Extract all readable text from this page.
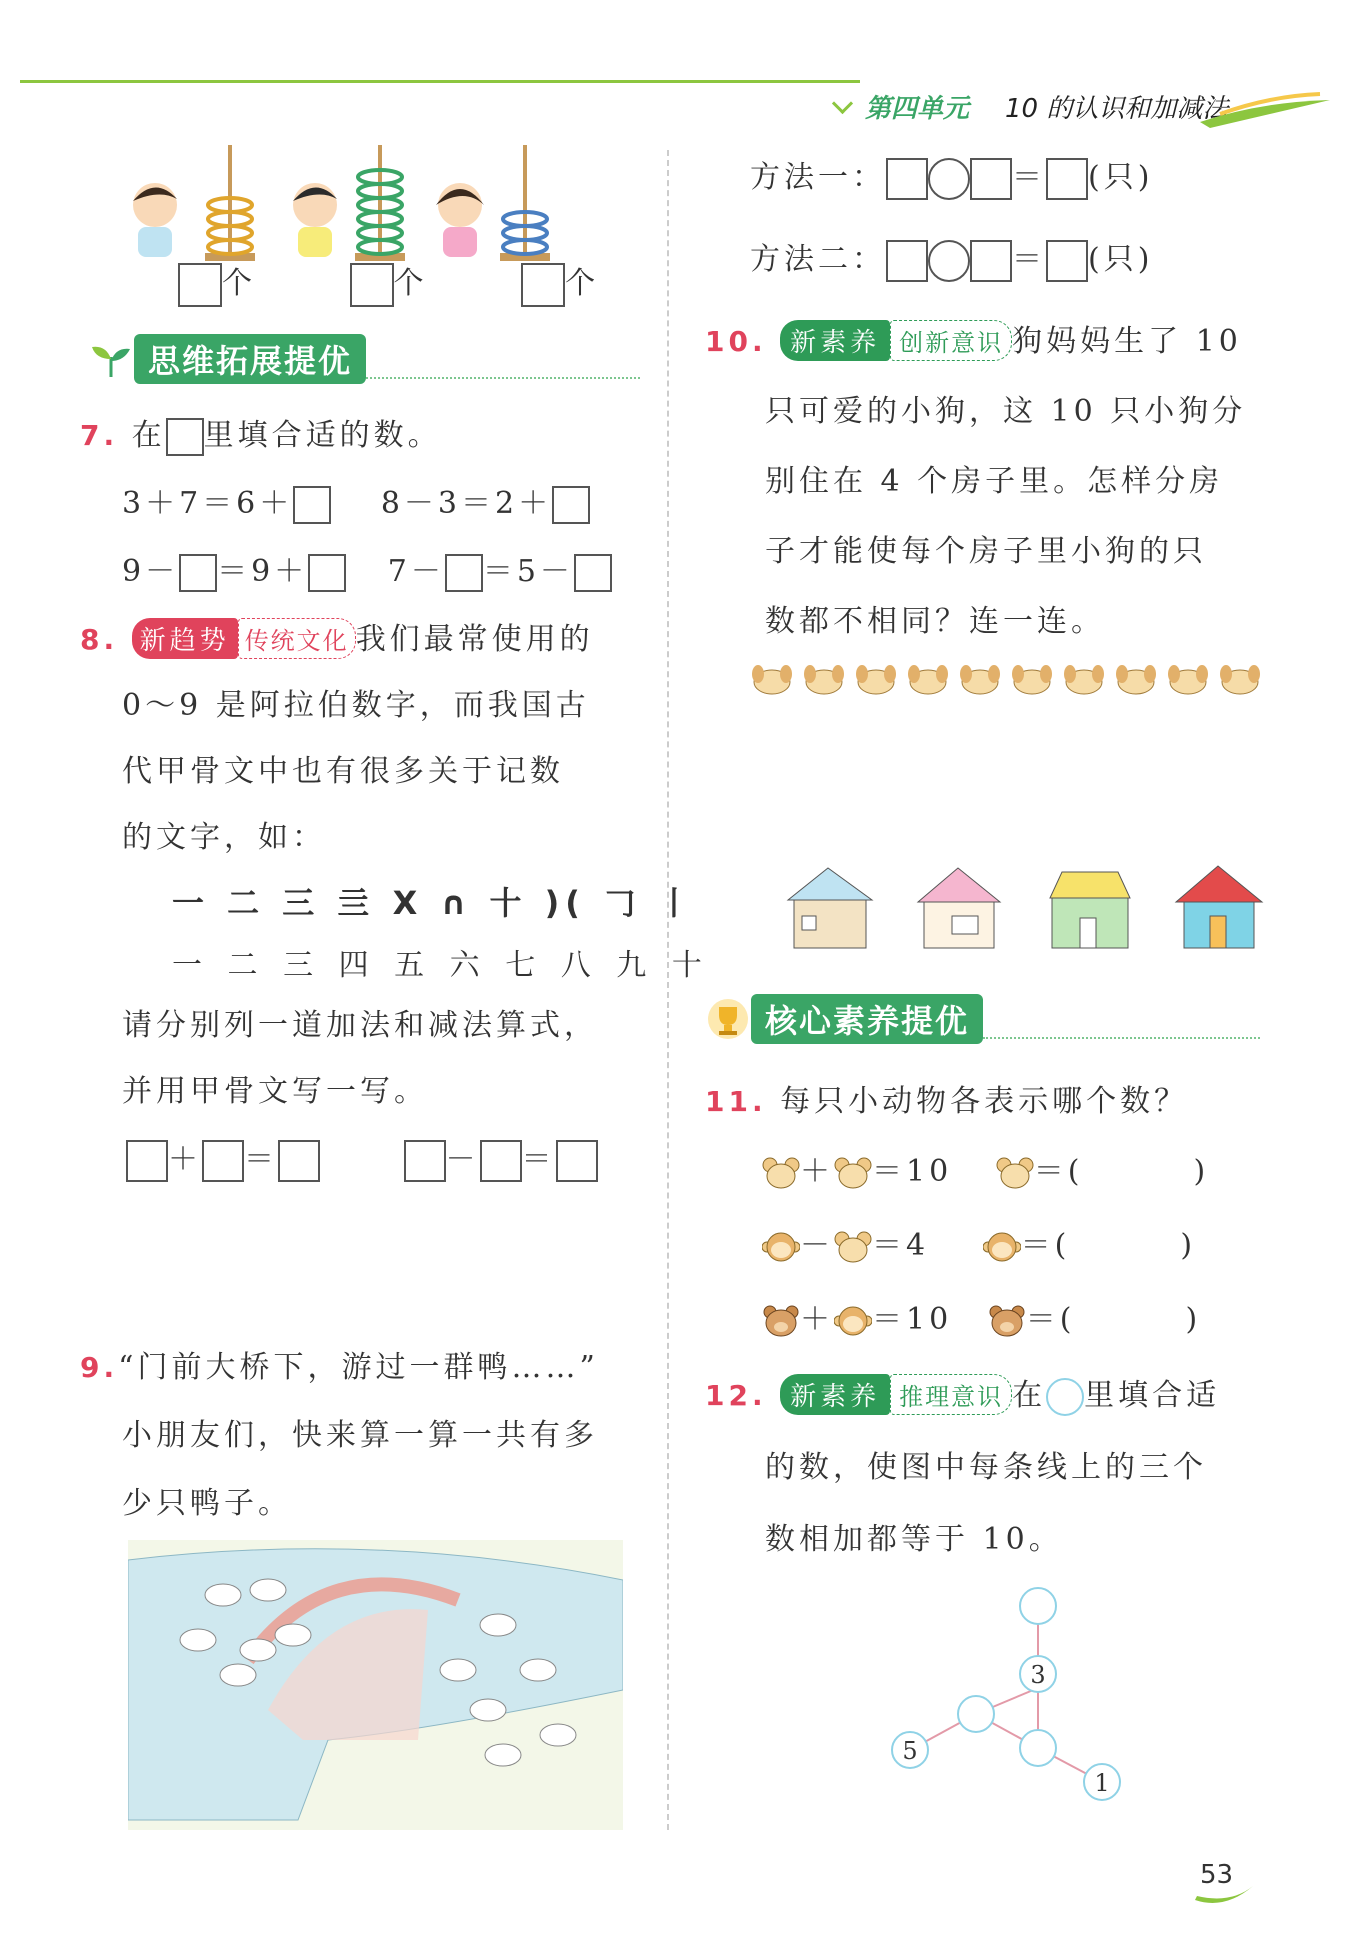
第四单元 10 的认识和加减法
个	个	个
思维拓展提优
7. 在 里填合适的数。
3＋7＝6＋	8－3＝2＋
9－ ＝9＋	7－ ＝5－
8. 新趋势 传统文化 我们最常使用的
0～9 是阿拉伯数字，而我国古
代甲骨文中也有很多关于记数
的文字，如：
一 二 三 亖 X ∩ 十 )( 𠃌 丨
一 二 三 四 五 六 七 八 九 十
请分别列一道加法和减法算式，
并用甲骨文写一写。
＋ ＝	－ ＝
9.“门前大桥下，游过一群鸭……”
小朋友们，快来算一算一共有多
少只鸭子。
方法一：	＝ (只)
方法二：	＝ (只)
10. 新素养 创新意识 狗妈妈生了 10
只可爱的小狗，这 10 只小狗分
别住在 4 个房子里。怎样分房
子才能使每个房子里小狗的只
数都不相同？连一连。
核心素养提优
11. 每只小动物各表示哪个数？
＋ ＝10	＝(	)
－ ＝4	＝(	)
＋ ＝10 ＝(	)
12. 新素养 推理意识 在 里填合适
的数，使图中每条线上的三个
数相加都等于 10。
3
5
1
53
